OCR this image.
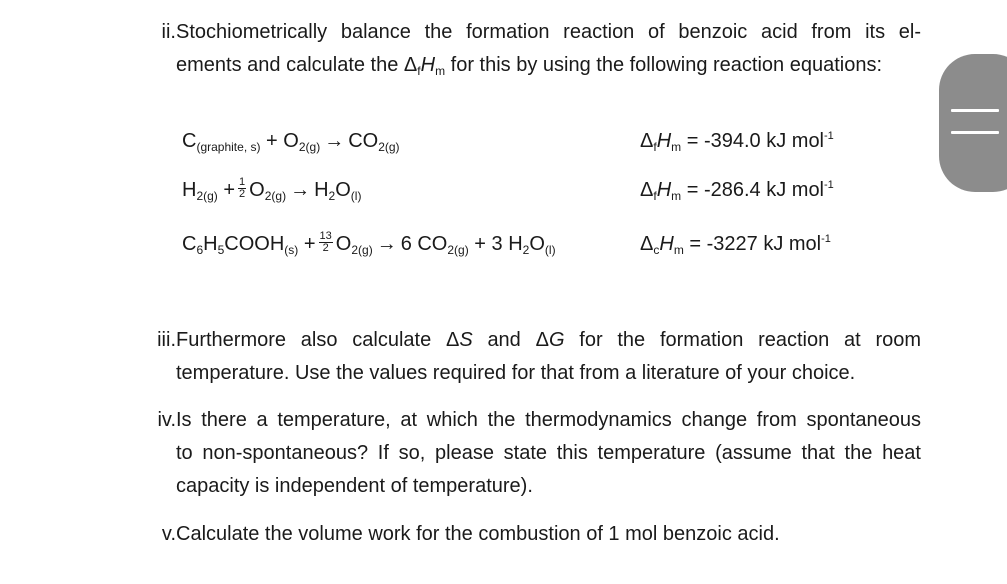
ii. Stochiometrically balance the formation reaction of benzoic acid from its el-
ements and calculate the $\Delta_fH_m$ for this by using the following reaction equations:
$C_{(graphite, s)} + O_{2(g)} \to CO_{2(g)}$	$\Delta_fH_m = -394.0$ kJ mol$^{-1}$
$H_{2(g)} + \frac{1}{2} O_{2(g)} \to H_2O_{(l)}$	$\Delta_fH_m = -286.4$ kJ mol$^{-1}$
$C_6H_5COOH_{(s)} + \frac{13}{2} O_{2(g)} \to 6$ $CO_{2(g)} + 3$ $H_2O_{(l)}$	$\Delta_cH_m = -3227$ kJ mol$^{-1}$
iii. Furthermore also calculate ΔS and ΔG for the formation reaction at room
temperature. Use the values required for that from a literature of your choice.
iv. Is there a temperature, at which the thermodynamics change from spontaneous
to non-spontaneous? If so, please state this temperature (assume that the heat
capacity is independent of temperature).
v. Calculate the volume work for the combustion of 1 mol benzoic acid.
